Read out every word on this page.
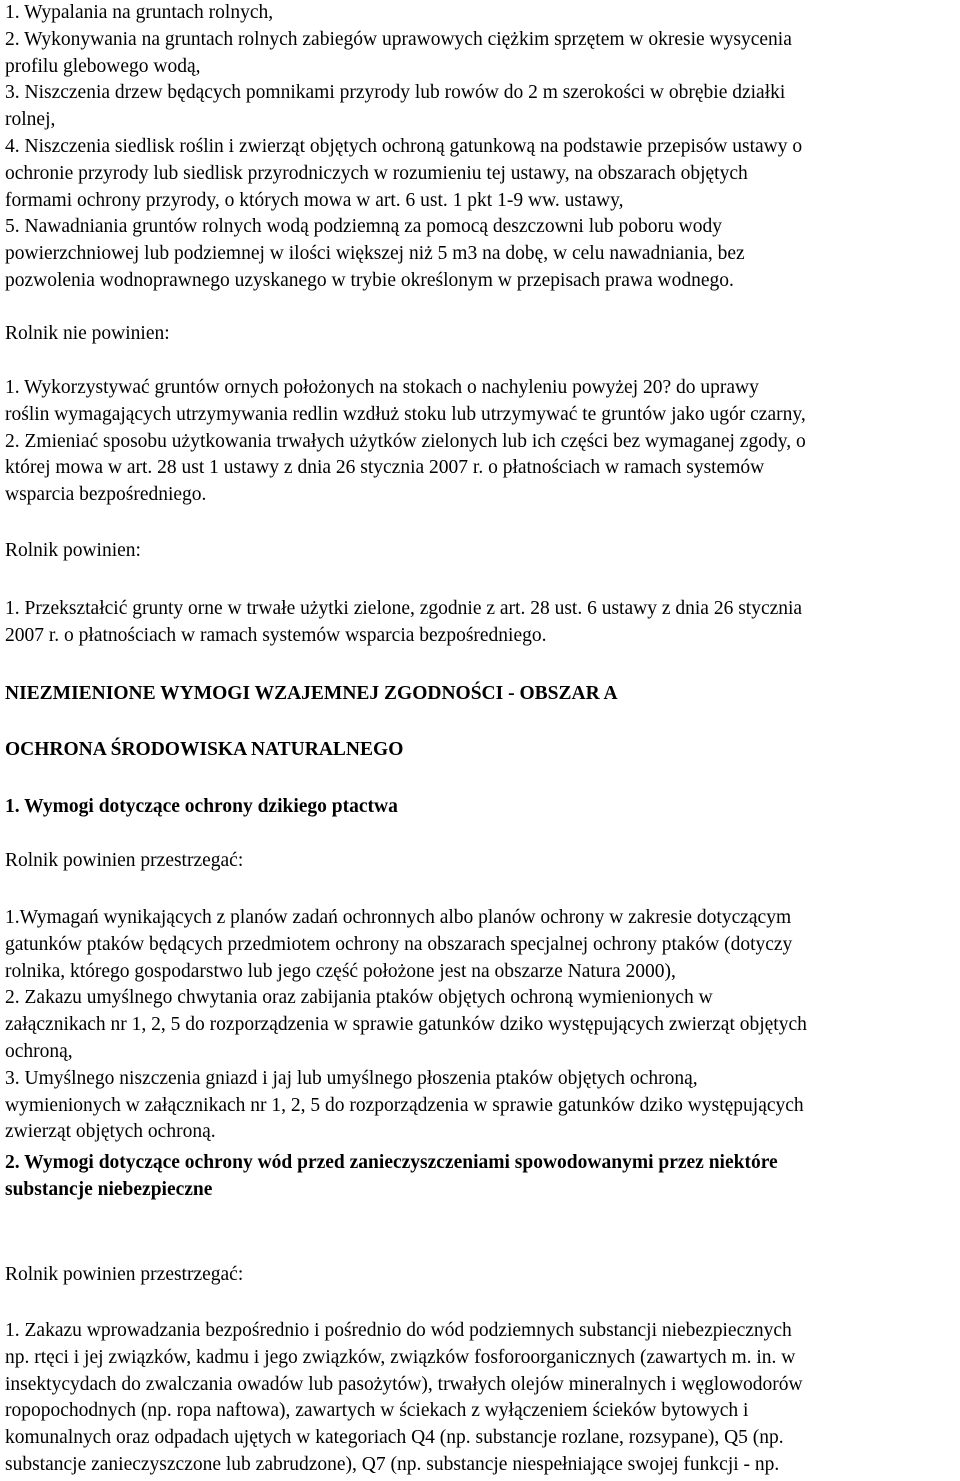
1. Wypalania na gruntach rolnych,
2. Wykonywania na gruntach rolnych zabiegów uprawowych ciężkim sprzętem w okresie wysycenia
profilu glebowego wodą,
3. Niszczenia drzew będących pomnikami przyrody lub rowów do 2 m szerokości w obrębie działki
rolnej,
4. Niszczenia siedlisk roślin i zwierząt objętych ochroną gatunkową na podstawie przepisów ustawy o
ochronie przyrody lub siedlisk przyrodniczych w rozumieniu tej ustawy, na obszarach objętych
formami ochrony przyrody, o których mowa w art. 6 ust. 1 pkt 1-9 ww. ustawy,
5. Nawadniania gruntów rolnych wodą podziemną za pomocą deszczowni lub poboru wody
powierzchniowej lub podziemnej w ilości większej niż 5 m3 na dobę, w celu nawadniania, bez
pozwolenia wodnoprawnego uzyskanego w trybie określonym w przepisach prawa wodnego.
Rolnik nie powinien:
1. Wykorzystywać gruntów ornych położonych na stokach o nachyleniu powyżej 20? do uprawy
roślin wymagających utrzymywania redlin wzdłuż stoku lub utrzymywać te gruntów jako ugór czarny,
2. Zmieniać sposobu użytkowania trwałych użytków zielonych lub ich części bez wymaganej zgody, o
której mowa w art. 28 ust 1 ustawy z dnia 26 stycznia 2007 r. o płatnościach w ramach systemów
wsparcia bezpośredniego.
Rolnik powinien:
1. Przekształcić grunty orne w trwałe użytki zielone, zgodnie z art. 28 ust. 6 ustawy z dnia 26 stycznia
2007 r. o płatnościach w ramach systemów wsparcia bezpośredniego.
NIEZMIENIONE WYMOGI WZAJEMNEJ ZGODNOŚCI - OBSZAR A
OCHRONA ŚRODOWISKA NATURALNEGO
1. Wymogi dotyczące ochrony dzikiego ptactwa
Rolnik powinien przestrzegać:
1.Wymagań wynikających z planów zadań ochronnych albo planów ochrony w zakresie dotyczącym
gatunków ptaków będących przedmiotem ochrony na obszarach specjalnej ochrony ptaków (dotyczy
rolnika, którego gospodarstwo lub jego część położone jest na obszarze Natura 2000),
2. Zakazu umyślnego chwytania oraz zabijania ptaków objętych ochroną wymienionych w
załącznikach nr 1, 2, 5 do rozporządzenia w sprawie gatunków dziko występujących zwierząt objętych
ochroną,
3. Umyślnego niszczenia gniazd i jaj lub umyślnego płoszenia ptaków objętych ochroną,
wymienionych w załącznikach nr 1, 2, 5 do rozporządzenia w sprawie gatunków dziko występujących
zwierząt objętych ochroną.
2. Wymogi dotyczące ochrony wód przed zanieczyszczeniami spowodowanymi przez niektóre
substancje niebezpieczne
Rolnik powinien przestrzegać:
1. Zakazu wprowadzania bezpośrednio i pośrednio do wód podziemnych substancji niebezpiecznych
np. rtęci i jej związków, kadmu i jego związków, związków fosforoorganicznych (zawartych m. in. w
insektycydach do zwalczania owadów lub pasożytów), trwałych olejów mineralnych i węglowodorów
ropopochodnych (np. ropa naftowa), zawartych w ściekach z wyłączeniem ścieków bytowych i
komunalnych oraz odpadach ujętych w kategoriach Q4 (np. substancje rozlane, rozsypane), Q5 (np.
substancje zanieczyszczone lub zabrudzone), Q7 (np. substancje niespełniające swojej funkcji - np.
